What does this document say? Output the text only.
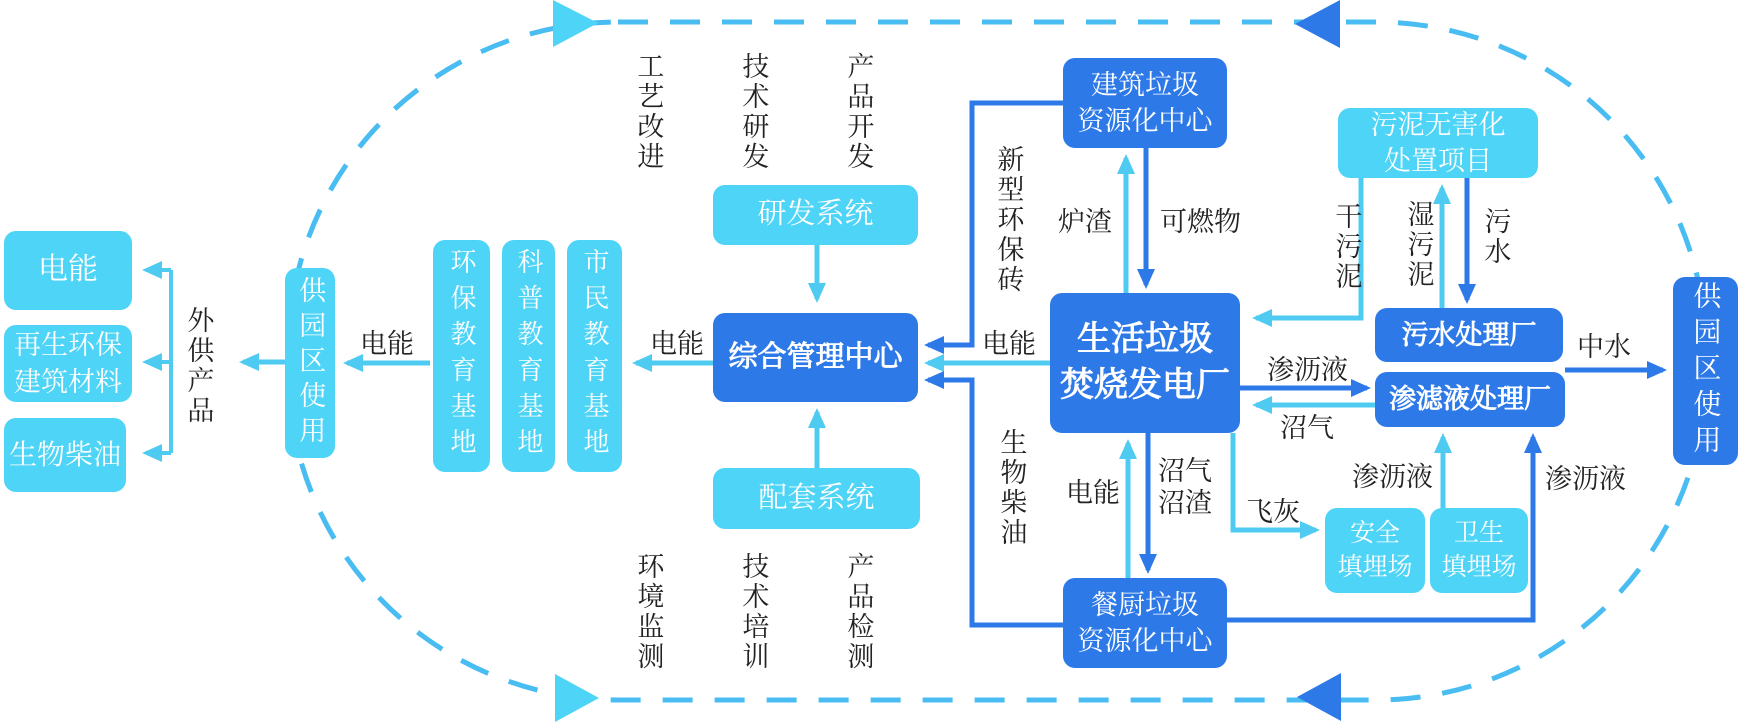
电能
再生环保
建筑材料
生物柴油
外供产品	供园区使用	电能	环保教育基地	科普教育基地	市民教育基地	电能
工艺改进	技术研发	产品开发
研发系统
综合管理中心
配套系统
环境监测	技术培训	产品检测
新型环保砖
电能
生物柴油
建筑垃圾
资源化中心
炉渣 可燃物
生活垃圾
焚烧发电厂
电能
沼气
沼渣 飞灰
渗沥液
沼气
餐厨垃圾
资源化中心
污泥无害化
处置项目
干污泥 湿污泥 污水
污水处理厂
渗滤液处理厂
中水
渗沥液	渗沥液
安全
填埋场
卫生
填埋场
供园区使用
